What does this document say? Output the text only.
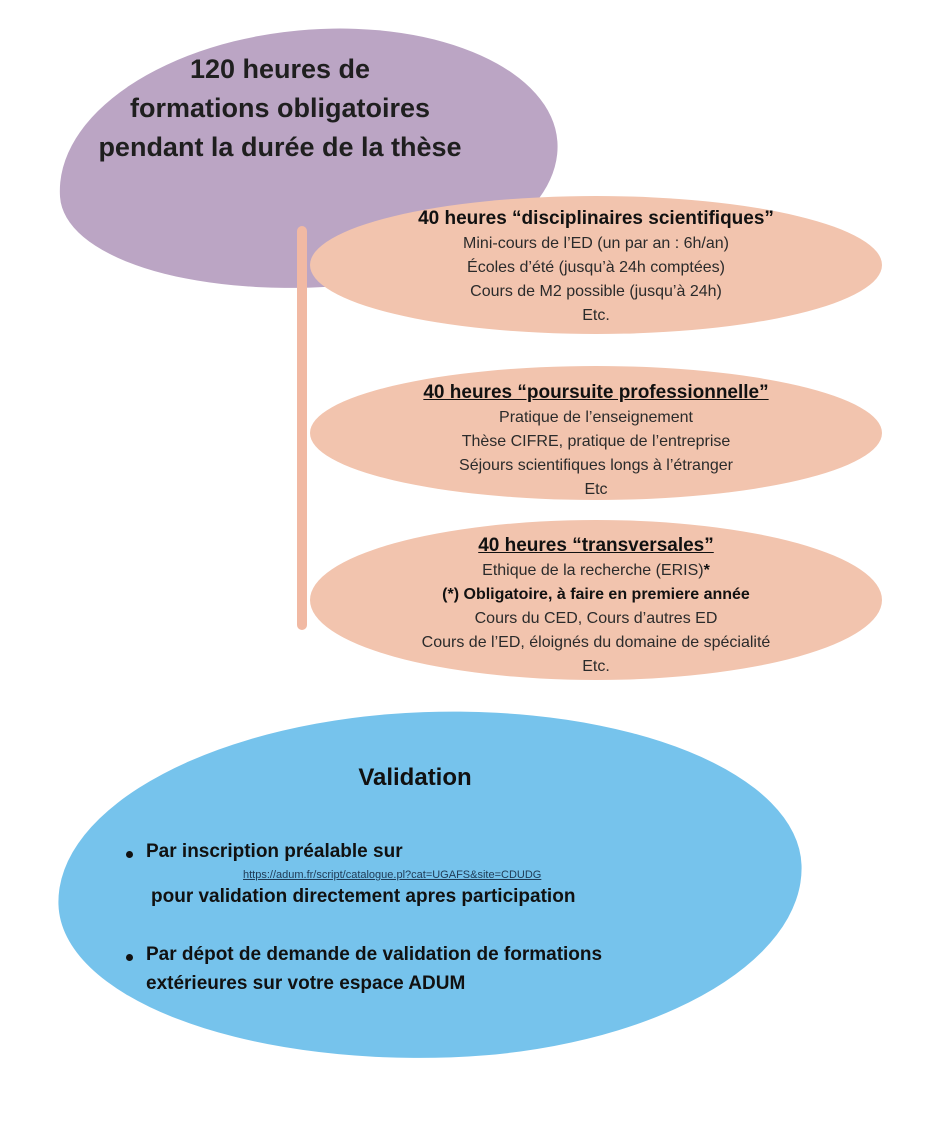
120 heures de
formations obligatoires
pendant la durée de la thèse
40 heures “disciplinaires scientifiques”
Mini-cours de l’ED (un par an : 6h/an)
Écoles d’été (jusqu’à 24h comptées)
Cours de M2 possible (jusqu’à 24h)
Etc.
40 heures “poursuite professionnelle”
Pratique de l’enseignement
Thèse CIFRE, pratique de l’entreprise
Séjours scientifiques longs à l’étranger
Etc
40 heures “transversales”
Ethique de la recherche (ERIS)*
(*) Obligatoire, à faire en premiere année
Cours du CED, Cours d’autres ED
Cours de l’ED, éloignés du domaine de spécialité
Etc.
Validation
Par inscription préalable sur
https://adum.fr/script/catalogue.pl?cat=UGAFS&site=CDUDG
pour validation directement apres participation
Par dépot de demande de validation de formations
extérieures sur votre espace ADUM
